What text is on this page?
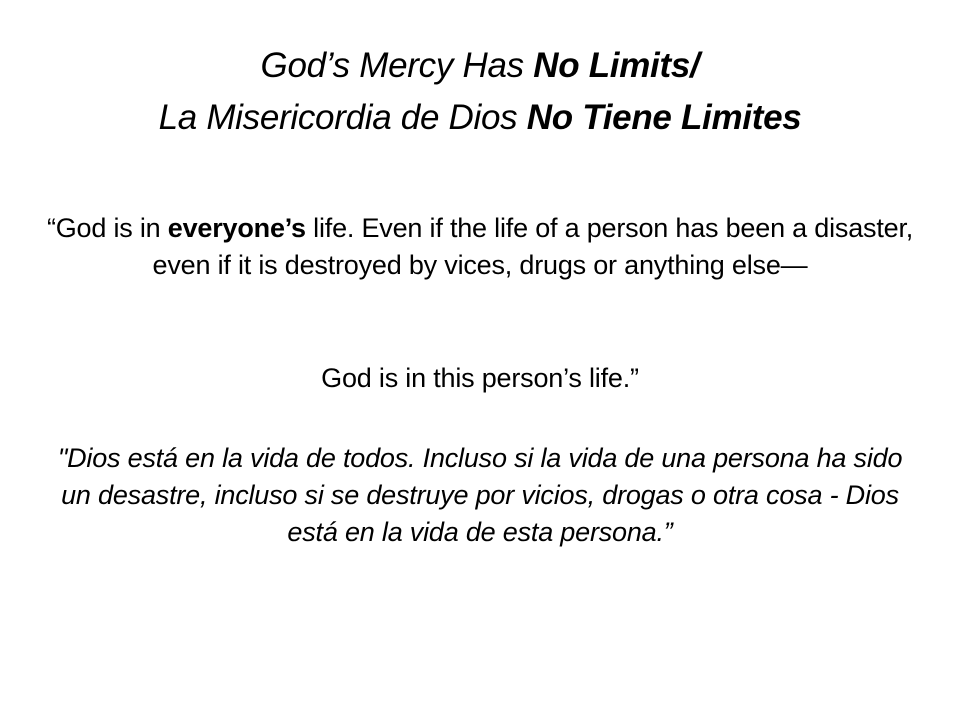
God’s Mercy Has No Limits/
La Misericordia de Dios No Tiene Limites
“God is in everyone’s life. Even if the life of a person has been a disaster, even if it is destroyed by vices, drugs or anything else—
God is in this person’s life.”
"Dios está en la vida de todos. Incluso si la vida de una persona ha sido un desastre, incluso si se destruye por vicios, drogas o otra cosa - Dios está en la vida de esta persona.”
